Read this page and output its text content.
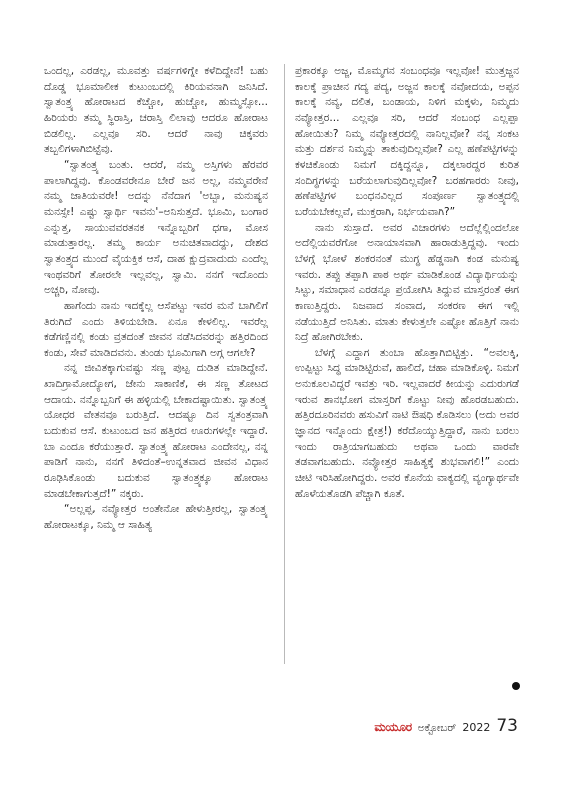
ಒಂದಲ್ಲ, ಎರಡಲ್ಲ, ಮೂವತ್ತು ವರ್ಷಗಳಿಗ್ನೇ ಕಳೆದಿದ್ದೇನೆ! ಬಹು ದೊಡ್ಡ ಭೂಮಾಲೀಕ ಕುಟುಂಬದಲ್ಲಿ ಕಿರಿಯವನಾಗಿ ಜನಿಸಿದೆ. ಸ್ವಾತಂತ್ರ್ಯ ಹೋರಾಟದ ಕೆಚ್ಚೋ, ಹುಚ್ಚೋ, ಹುಮ್ಮಸ್ಸೋ... ಹಿರಿಯರು ತಮ್ಮ ಸ್ಥಿರಾಸ್ತಿ, ಚರಾಸ್ತಿ ಲಿಲಾವು ಆದರೂ ಹೋರಾಟ ಬಿಡಲಿಲ್ಲ. ಎಲ್ಲವೂ ಸರಿ. ಆದರೆ ನಾವು ಚಿಕ್ಕವರು ತಬ್ಬಲಿಗಳಾಗಿಬಿಟ್ಟೆವು.

“ಸ್ವಾತಂತ್ರ್ಯ ಬಂತು. ಆದರೆ, ನಮ್ಮ ಅಸ್ತಿಗಳು ಹೆರವರ ಪಾಲಾಗಿದ್ದವು. ಕೊಂಡವರೇನೂ ಬೇರೆ ಜನ ಅಲ್ಲ, ನಮ್ಮವರೇನೆ ನಮ್ಮ ಜಾತಿಯವರೇ! ಅದನ್ನು ನೆನೆದಾಗ 'ಅಬ್ಬಾ, ಮನುಷ್ಯನ ಮನಸ್ಸೇ! ಎಷ್ಟು ಸ್ವಾರ್ಥಿ ಇವನು'–ಅನಿಸುತ್ತದೆ. ಭೂಮಿ, ಬಂಗಾರ ಎನ್ನುತ್ತ, ಸಾಯುವವರತನಕ ಇನ್ನೊಬ್ಬರಿಗೆ ಧಗಾ, ಮೋಸ ಮಾಡುತ್ತಾರಲ್ಲ. ತಮ್ಮ ಕಾರ್ಯ ಅನುಚಿತವಾದದ್ದು, ದೇಶದ ಸ್ವಾತಂತ್ರ್ಯದ ಮುಂದೆ ವೈಯಕ್ತಿಕ ಆಸೆ, ದಾಹ ಕ್ಷುದ್ರವಾದುದು ಎಂದೆಲ್ಲ ಇಂಥವರಿಗೆ ತೋರಲೇ ಇಲ್ಲವಲ್ಲ, ಸ್ವಾಮಿ. ನನಗೆ ಇದೊಂದು ಅಚ್ಚರಿ, ನೋವು.

ಹಾಗೆಂದು ನಾನು ಇದಕ್ಕೆಲ್ಲ ಆಸೆಪಟ್ಟು ಇವರ ಮನೆ ಬಾಗಿಲಿಗೆ ತಿರುಗಿದೆ ಎಂದು ತಿಳಿಯಬೇಡಿ. ಏನೂ ಕೇಳಲಿಲ್ಲ. ಇವರೆಲ್ಲ ಕಡೆಗಣ್ಣಿನಲ್ಲಿ ಕಂಡು ವ್ರತದಂತೆ ಜೀವನ ನಡೆಸಿದವರನ್ನು ಹತ್ತಿರದಿಂದ ಕಂಡು, ಸೇವೆ ಮಾಡಿದವನು. ತುಂಡು ಭೂಮಿಗಾಗಿ ಅಗ್ಗ ಆಗಲೇ?

ನನ್ನ ಜೀವಿತಕ್ಕಾಗುವಷ್ಟು ಸಣ್ಣ ಪುಟ್ಟ ದುಡಿತ ಮಾಡಿದ್ದೇನೆ. ಖಾದಿಗ್ರಾಮೋದ್ಯೋಗ, ಜೇನು ಸಾಕಾಣಿಕೆ, ಈ ಸಣ್ಣ ತೋಟದ ಆದಾಯ. ನನ್ನೊಬ್ಬನಿಗೆ ಈ ಹಳ್ಳಿಯಲ್ಲಿ ಬೇಕಾದಷ್ಟಾಯಿತು. ಸ್ವಾತಂತ್ರ್ಯ ಯೋಧರ ವೇತನವೂ ಬರುತ್ತಿದೆ. ಆದಷ್ಟೂ ದಿನ ಸ್ವತಂತ್ರವಾಗಿ ಬದುಕುವ ಆಸೆ. ಕುಟುಂಬದ ಜನ ಹತ್ತಿರದ ಊರುಗಳಲ್ಲೇ ಇದ್ದಾರೆ. ಬಾ ಎಂದೂ ಕರೆಯುತ್ತಾರೆ. ಸ್ವಾತಂತ್ರ್ಯ ಹೋರಾಟ ಎಂದೇನಲ್ಲ, ನನ್ನ ಪಾಡಿಗೆ ನಾನು, ನನಗೆ ತಿಳಿದಂತೆ–ಉನ್ನತವಾದ ಜೀವನ ವಿಧಾನ ರೂಢಿಸಿಕೊಂಡು ಬದುಕುವ ಸ್ವಾತಂತ್ರ್ಯಕ್ಕೂ ಹೋರಾಟ ಮಾಡಬೇಕಾಗುತ್ತದೆ!” ನಕ್ಕರು.

“ಅಲ್ಲಪ್ಪ, ನವ್ಯೋತ್ತರ ಅಂತೇನೋ ಹೇಳುತ್ತೀರಲ್ಲ, ಸ್ವಾತಂತ್ರ್ಯ ಹೋರಾಟಕ್ಕೂ, ನಿಮ್ಮ ಆ ಸಾಹಿತ್ಯ

ಪ್ರಕಾರಕ್ಕೂ ಅಜ್ಜ, ಮೊಮ್ಮಗನ ಸಂಬಂಧವೂ ಇಲ್ಲವೋ! ಮುತ್ತಜ್ಜನ ಕಾಲಕ್ಕೆ ಪ್ರಾಚೀನ ಗದ್ಯ ಪದ್ಯ, ಅಜ್ಜನ ಕಾಲಕ್ಕೆ ನವೋದಯ, ಅಪ್ಪನ ಕಾಲಕ್ಕೆ ನವ್ಯ, ದಲಿತ, ಬಂಡಾಯ, ನಿಳಿಗ ಮಕ್ಕಳು, ನಿಮ್ಮದು ನವ್ಯೋತ್ತರ... ಎಲ್ಲವೂ ಸರಿ, ಆದರೆ ಸಂಬಂಧ ಎಲ್ಲಪ್ಪಾ ಹೋಯಿತು? ನಿಮ್ಮ ನವ್ಯೋತ್ತರದಲ್ಲಿ ನಾನಿಲ್ಲವೋ? ನನ್ನ ಸಂಕಟ ಮತ್ತು ದರ್ಶನ ನಿಮ್ಮನ್ನು ತಾಕುವುದಿಲ್ಲವೋ? ಎಲ್ಲ ಹಣೆಪಟ್ಟಿಗಳನ್ನು ಕಳಚಿಕೊಂಡು ನಿಮಗೆ ದಕ್ಕಿದ್ದನ್ನೂ, ದಕ್ಕಲಾರದ್ದರ ಕುರಿತ ಸಂದಿಗ್ಧಗಳನ್ನು ಬರೆಯಲಾಗುವುದಿಲ್ಲವೋ? ಬರಹಗಾರರು ನೀವು, ಹಣೆಪಟ್ಟಿಗಳ ಬಂಧನವಿಲ್ಲದ ಸಂಪೂರ್ಣ ಸ್ವಾತಂತ್ರ್ಯದಲ್ಲಿ ಬರೆಯಬೇಕಲ್ಲವೆ, ಮುಕ್ತರಾಗಿ, ನಿರ್ಭಯವಾಗಿ?”

ನಾನು ಸುಸ್ತಾದೆ. ಅವರ ವಿಚಾರಗಳು ಅದೆಲ್ಲೆಲ್ಲಿಂದಲೋ ಅದೆಲ್ಲಿಯವರೆಗೋ ಅನಾಯಾಸವಾಗಿ ಹಾರಾಡುತ್ತಿದ್ದವು. ಇಂದು ಬೆಳಗ್ಗೆ ಭೋಳೆ ಶಂಕರನಂತೆ ಮುಗ್ಧ ಹೆಡ್ಡನಾಗಿ ಕಂಡ ಮನುಷ್ಯ ಇವರು. ತಪ್ಪು ತಪ್ಪಾಗಿ ಪಾಠ ಅರ್ಥ ಮಾಡಿಕೊಂಡ ವಿದ್ಯಾರ್ಥಿಯನ್ನು ಸಿಟ್ಟು, ಸಮಾಧಾನ ಎರಡನ್ನೂ ಪ್ರಯೋಗಿಸಿ ತಿದ್ದುವ ಮಾಸ್ತರಂತೆ ಈಗ ಕಾಣುತ್ತಿದ್ದರು. ನಿಜವಾದ ಸಂವಾದ, ಸಂಕರಣ ಈಗ ಇಲ್ಲಿ ನಡೆಯುತ್ತಿದೆ ಅನಿಸಿತು. ಮಾತು ಕೇಳುತ್ತಲೇ ಎಷ್ಟೋ ಹೊತ್ತಿಗೆ ನಾನು ನಿದ್ರೆ ಹೋಗಿರಬೇಕು.

ಬೆಳಗ್ಗೆ ಎದ್ದಾಗ ತುಂಬಾ ಹೊತ್ತಾಗಿಬಿಟ್ಟಿತ್ತು. “ಅವಲಕ್ಕಿ, ಉಪ್ಪಿಟ್ಟು ಸಿದ್ಧ ಮಾಡಿಟ್ಟಿರುವೆ, ಹಾಲಿದೆ, ಚಹಾ ಮಾಡಿಕೊಳ್ಳಿ. ನಿಮಗೆ ಅನುಕೂಲವಿದ್ದರೆ ಇವತ್ತು ಇರಿ. ಇಲ್ಲವಾದರೆ ಕೀಯನ್ನು ಎದುರುಗಡೆ ಇರುವ ಶಾನಭೋಗ ಮಾಸ್ತರಿಗೆ ಕೊಟ್ಟು ನೀವು ಹೊರಡಬಹುದು. ಹತ್ತಿರದೂರಿನವರು ಹಸುವಿಗೆ ನಾಟಿ ಔಷಧಿ ಕೊಡಿಸಲು (ಅದು ಅವರ ಜ್ಞಾನದ ಇನ್ನೊಂದು ಕ್ಷೇತ್ರ!) ಕರೆದೊಯ್ಯುತ್ತಿದ್ದಾರೆ, ನಾನು ಬರಲು ಇಂದು ರಾತ್ರಿಯಾಗಬಹುದು ಅಥವಾ ಒಂದು ವಾರವೇ ತಡವಾಗಬಹುದು. ನವ್ಯೋತ್ತರ ಸಾಹಿತ್ಯಕ್ಕೆ ಶುಭವಾಗಲಿ!” ಎಂದು ಚೀಟಿ ಇರಿಸಿಹೋಗಿದ್ದರು. ಅವರ ಕೊನೆಯ ವಾಕ್ಯದಲ್ಲಿ ವ್ಯಂಗ್ಯಾರ್ಥವೇ ಹೊಳೆಯತೊಡಗಿ ಪೆಚ್ಚಾಗಿ ಕೂತೆ.

ಮಯೂರ ಅಕ್ಟೋಬರ್ 2022 73
